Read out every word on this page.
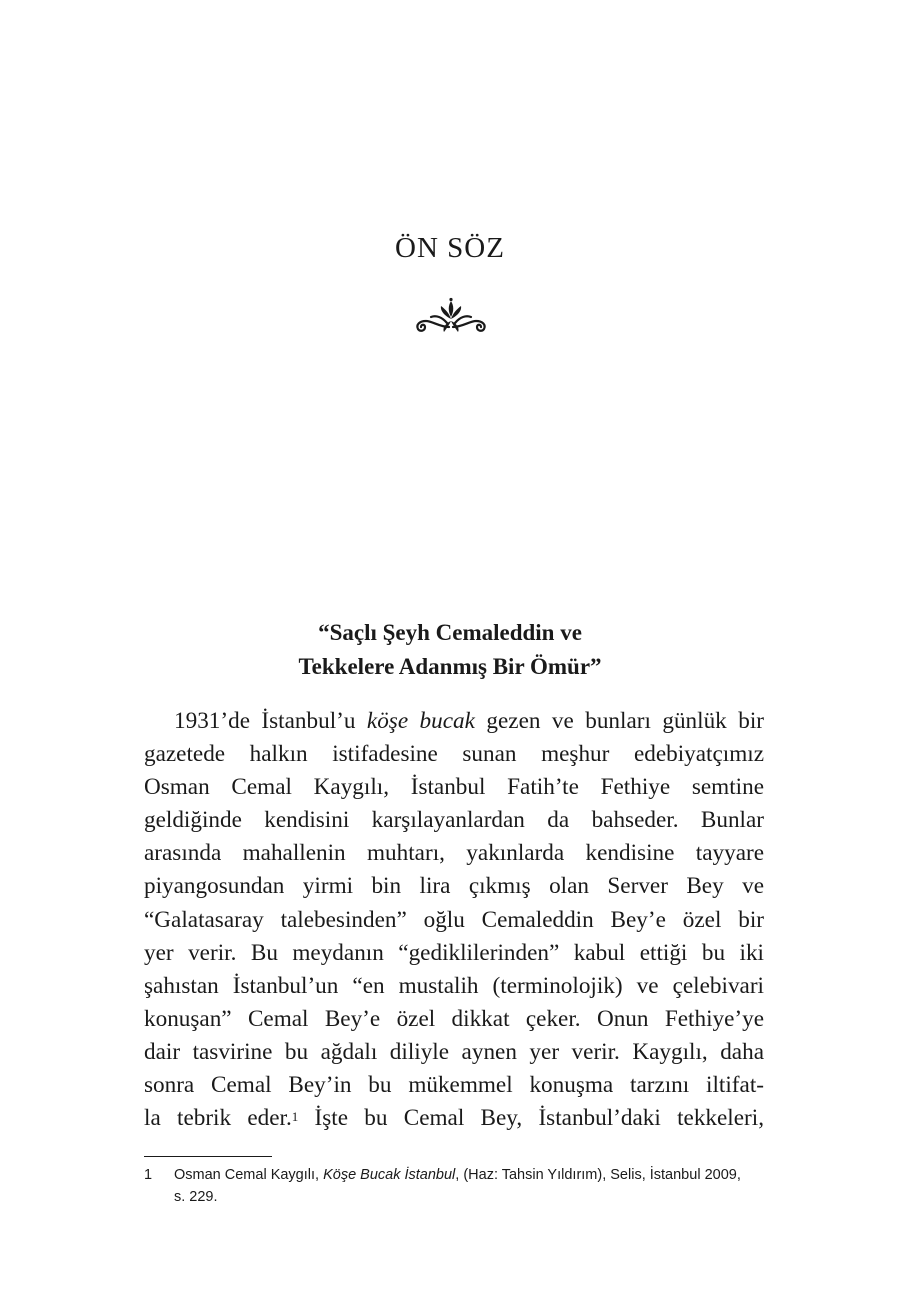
ÖN SÖZ
“Saçlı Şeyh Cemaleddin ve
Tekkelere Adanmış Bir Ömür”
1931’de İstanbul’u köşe bucak gezen ve bunları günlük bir
gazetede halkın istifadesine sunan meşhur edebiyatçımız
Osman Cemal Kaygılı, İstanbul Fatih’te Fethiye semtine
geldiğinde kendisini karşılayanlardan da bahseder. Bunlar
arasında mahallenin muhtarı, yakınlarda kendisine tayyare
piyangosundan yirmi bin lira çıkmış olan Server Bey ve
“Galatasaray talebesinden” oğlu Cemaleddin Bey’e özel bir
yer verir. Bu meydanın “gediklilerinden” kabul ettiği bu iki
şahıstan İstanbul’un “en mustalih (terminolojik) ve çelebivari
konuşan” Cemal Bey’e özel dikkat çeker. Onun Fethiye’ye
dair tasvirine bu ağdalı diliyle aynen yer verir. Kaygılı, daha
sonra Cemal Bey’in bu mükemmel konuşma tarzını iltifat-
la tebrik eder.$^1$ İşte bu Cemal Bey, İstanbul’daki tekkeleri,
1 Osman Cemal Kaygılı, Köşe Bucak İstanbul, (Haz: Tahsin Yıldırım), Selis, İstanbul 2009,
s. 229.
